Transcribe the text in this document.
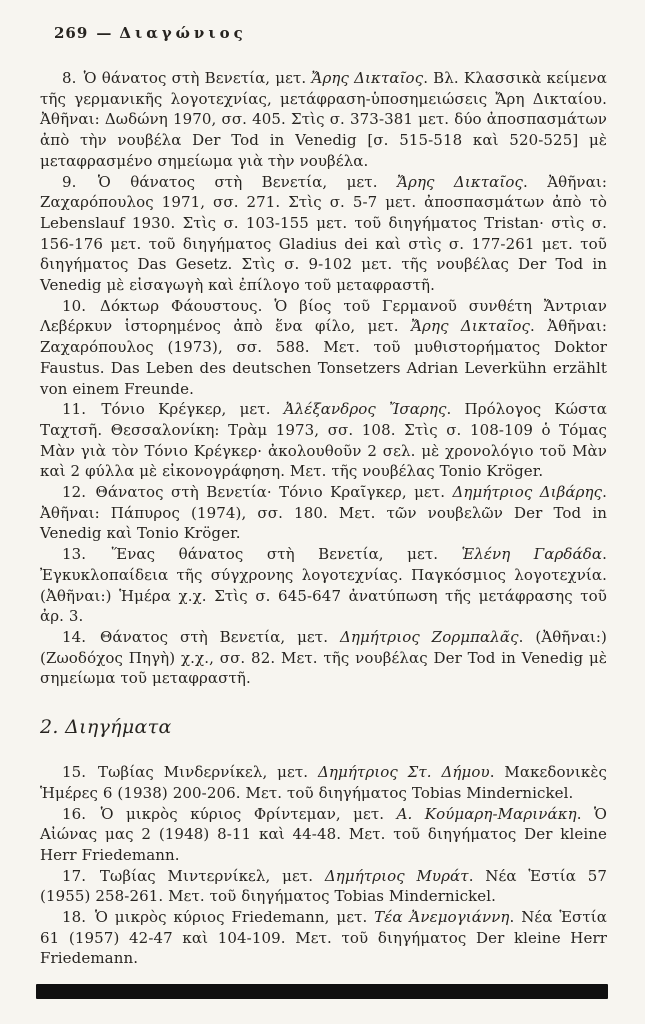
269 — Διαγώνιος

8. Ὁ θάνατος στὴ Βενετία, μετ. Ἄρης Δικταῖος. Βλ. Κλασσικὰ κείμενα τῆς γερμανικῆς λογοτεχνίας, μετάφραση-ὑποσημειώσεις Ἄρη Δικταίου. Ἀθῆναι: Δωδώνη 1970, σσ. 405. Στὶς σ. 373-381 μετ. δύο ἀποσπασμάτων ἀπὸ τὴν νουβέλα Der Tod in Venedig [σ. 515-518 καὶ 520-525] μὲ μεταφρασμένο σημείωμα γιὰ τὴν νουβέλα.

9. Ὁ θάνατος στὴ Βενετία, μετ. Ἄρης Δικταῖος. Ἀθῆναι: Ζαχαρόπουλος 1971, σσ. 271. Στὶς σ. 5-7 μετ. ἀποσπασμάτων ἀπὸ τὸ Lebenslauf 1930. Στὶς σ. 103-155 μετ. τοῦ διηγήματος Tristan· στὶς σ. 156-176 μετ. τοῦ διηγήματος Gladius dei καὶ στὶς σ. 177-261 μετ. τοῦ διηγήματος Das Gesetz. Στὶς σ. 9-102 μετ. τῆς νουβέλας Der Tod in Venedig μὲ εἰσαγωγὴ καὶ ἐπίλογο τοῦ μεταφραστῆ.

10. Δόκτωρ Φάουστους. Ὁ βίος τοῦ Γερμανοῦ συνθέτη Ἄντριαν Λεβέρκυν ἱστορημένος ἀπὸ ἕνα φίλο, μετ. Ἄρης Δικταῖος. Ἀθῆναι: Ζαχαρόπουλος (1973), σσ. 588. Μετ. τοῦ μυθιστορήματος Doktor Faustus. Das Leben des deutschen Tonsetzers Adrian Leverkühn erzählt von einem Freunde.

11. Τόνιο Κρέγκερ, μετ. Ἀλέξανδρος Ἴσαρης. Πρόλογος Κώστα Ταχτσῆ. Θεσσαλονίκη: Τρὰμ 1973, σσ. 108. Στὶς σ. 108-109 ὁ Τόμας Μὰν γιὰ τὸν Τόνιο Κρέγκερ· ἀκολουθοῦν 2 σελ. μὲ χρονολόγιο τοῦ Μὰν καὶ 2 φύλλα μὲ εἰκονογράφηση. Μετ. τῆς νουβέλας Tonio Kröger.

12. Θάνατος στὴ Βενετία· Τόνιο Κραῖγκερ, μετ. Δημήτριος Διβάρης. Ἀθῆναι: Πάπυρος (1974), σσ. 180. Μετ. τῶν νουβελῶν Der Tod in Venedig καὶ Tonio Kröger.

13. Ἕνας θάνατος στὴ Βενετία, μετ. Ἑλένη Γαρδάδα. Ἐγκυκλοπαίδεια τῆς σύγχρονης λογοτεχνίας. Παγκόσμιος λογοτεχνία. (Ἀθῆναι:) Ἡμέρα χ.χ. Στὶς σ. 645-647 ἀνατύπωση τῆς μετάφρασης τοῦ ἀρ. 3.

14. Θάνατος στὴ Βενετία, μετ. Δημήτριος Ζορμπαλᾶς. (Ἀθῆναι:) (Ζωοδόχος Πηγὴ) χ.χ., σσ. 82. Μετ. τῆς νουβέλας Der Tod in Venedig μὲ σημείωμα τοῦ μεταφραστῆ.

2. Διηγήματα

15. Τωβίας Μινδερνίκελ, μετ. Δημήτριος Στ. Δήμου. Μακεδονικὲς Ἡμέρες 6 (1938) 200-206. Μετ. τοῦ διηγήματος Tobias Mindernickel.

16. Ὁ μικρὸς κύριος Φρίντεμαν, μετ. Α. Κούμαρη-Μαρινάκη. Ὁ Αἰώνας μας 2 (1948) 8-11 καὶ 44-48. Μετ. τοῦ διηγήματος Der kleine Herr Friedemann.

17. Τωβίας Μιντερνίκελ, μετ. Δημήτριος Μυράτ. Νέα Ἑστία 57 (1955) 258-261. Μετ. τοῦ διηγήματος Tobias Mindernickel.

18. Ὁ μικρὸς κύριος Friedemann, μετ. Τέα Ἀνεμογιάννη. Νέα Ἑστία 61 (1957) 42-47 καὶ 104-109. Μετ. τοῦ διηγήματος Der kleine Herr Friedemann.
